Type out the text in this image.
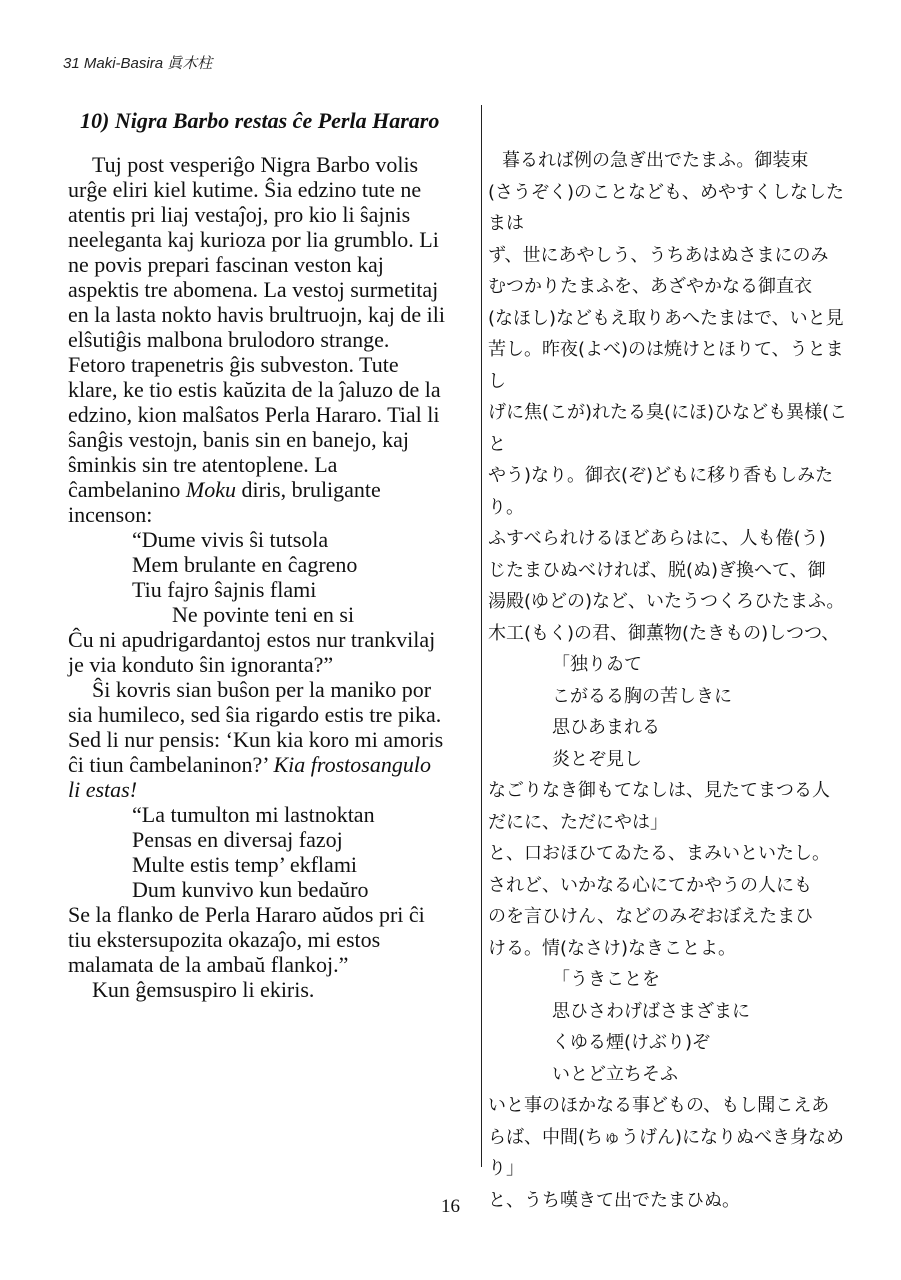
31 Maki-Basira 眞木柱
10) Nigra Barbo restas ĉe Perla Hararo
Tuj post vesperiĝo Nigra Barbo volis
urĝe eliri kiel kutime. Ŝia edzino tute ne
atentis pri liaj vestaĵoj, pro kio li ŝajnis
neeleganta kaj kurioza por lia grumblo. Li
ne povis prepari fascinan veston kaj
aspektis tre abomena. La vestoj surmetitaj
en la lasta nokto havis brultruojn, kaj de ili
elŝutiĝis malbona brulodoro strange.
Fetoro trapenetris ĝis subveston. Tute
klare, ke tio estis kaŭzita de la ĵaluzo de la
edzino, kion malŝatos Perla Hararo. Tial li
ŝanĝis vestojn, banis sin en banejo, kaj
ŝminkis sin tre atentoplene. La
ĉambelanino Moku diris, bruligante
incenson:
“Dume vivis ŝi tutsola
Mem brulante en ĉagreno
Tiu fajro ŝajnis flami
Ne povinte teni en si
Ĉu ni apudrigardantoj estos nur trankvilaj
je via konduto ŝin ignoranta?”
Ŝi kovris sian buŝon per la maniko por
sia humileco, sed ŝia rigardo estis tre pika.
Sed li nur pensis: ‘Kun kia koro mi amoris
ĉi tiun ĉambelaninon?’ Kia frostosangulo
li estas!
“La tumulton mi lastnoktan
Pensas en diversaj fazoj
Multe estis temp’ ekflami
Dum kunvivo kun bedaŭro
Se la flanko de Perla Hararo aŭdos pri ĉi
tiu ekstersupozita okazaĵo, mi estos
malamata de la ambaŭ flankoj.”
Kun ĝemsuspiro li ekiris.

暮るれば例の急ぎ出でたまふ。御装束

(さうぞく)のことなども、めやすくしなしたまは

ず、世にあやしう、うちあはぬさまにのみ

むつかりたまふを、あざやかなる御直衣

(なほし)などもえ取りあへたまはで、いと見

苦し。昨夜(よべ)のは焼けとほりて、うとまし

げに焦(こが)れたる臭(にほ)ひなども異様(こと

やう)なり。御衣(ぞ)どもに移り香もしみたり。

ふすべられけるほどあらはに、人も倦(う)

じたまひぬべければ、脱(ぬ)ぎ換へて、御

湯殿(ゆどの)など、いたうつくろひたまふ。

木工(もく)の君、御薫物(たきもの)しつつ、

「独りゐて

こがるる胸の苦しきに

思ひあまれる

炎とぞ見し

なごりなき御もてなしは、見たてまつる人

だにに、ただにやは」

と、口おほひてゐたる、まみいといたし。

されど、いかなる心にてかやうの人にも

のを言ひけん、などのみぞおぼえたまひ

ける。情(なさけ)なきことよ。

「うきことを

思ひさわげばさまざまに

くゆる煙(けぶり)ぞ

いとど立ちそふ

いと事のほかなる事どもの、もし聞こえあ

らば、中間(ちゅうげん)になりぬべき身なめ

り」

と、うち嘆きて出でたまひぬ。

16
